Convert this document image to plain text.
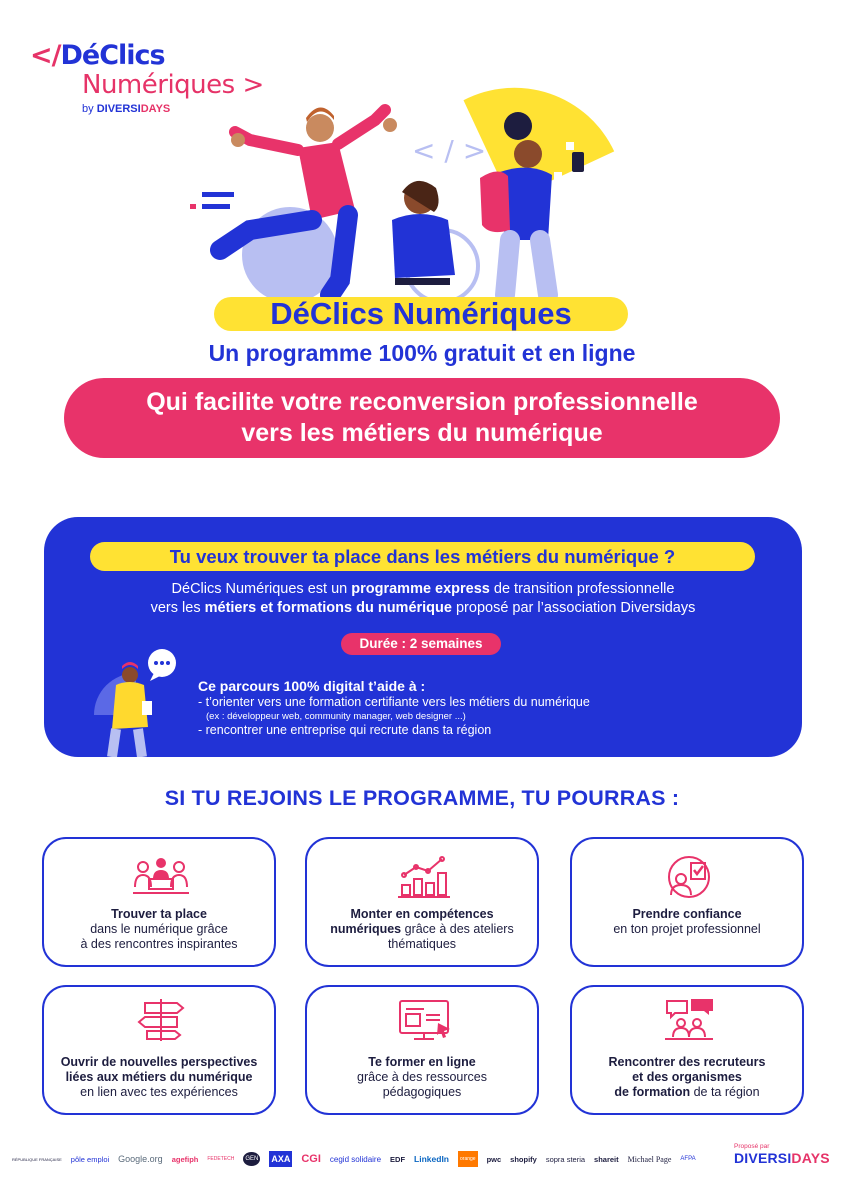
</DéClics
Numériques >
by DIVERSIDAYS
< / >
DéClics Numériques
Un programme 100% gratuit et en ligne
Qui facilite votre reconversion professionnelle
vers les métiers du numérique
Tu veux trouver ta place dans les métiers du numérique ?
DéClics Numériques est un programme express de transition professionnelle
vers les métiers et formations du numérique proposé par l’association Diversidays
Durée : 2 semaines
Ce parcours 100% digital t’aide à :
- t’orienter vers une formation certifiante vers les métiers du numérique
(ex : développeur web, community manager, web designer ...)
- rencontrer une entreprise qui recrute dans ta région
SI TU REJOINS LE PROGRAMME, TU POURRAS :
Trouver ta place
dans le numérique grâce
à des rencontres inspirantes
Monter en compétences
numériques grâce à des ateliers
thématiques
Prendre confiance
en ton projet professionnel
Ouvrir de nouvelles perspectives
liées aux métiers du numérique
en lien avec tes expériences
Te former en ligne
grâce à des ressources
pédagogiques
Rencontrer des recruteurs
et des organismes
de formation de ta région
RÉPUBLIQUE FRANÇAISE pôle emploi Google.org agefiph FEDETECH	GEN AXA CGI cegid solidaire EDF LinkedIn	orange pwc shopify sopra steria shareit Michael Page AFPA
Proposé par
DIVERSIDAYS
